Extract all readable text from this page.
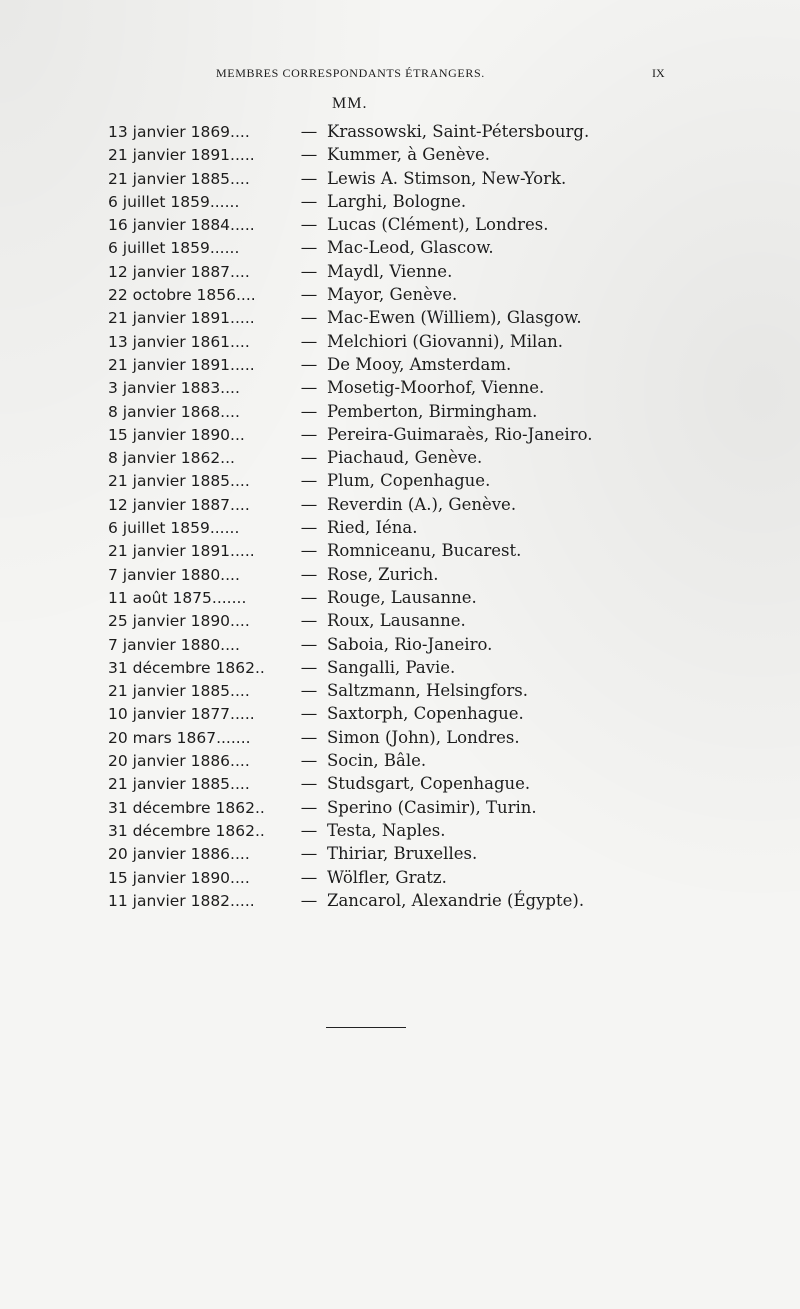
MEMBRES CORRESPONDANTS ÉTRANGERS.	IX
MM.
13 janvier 1869....	— Krassowski, Saint-Pétersbourg.
21 janvier 1891.....	— Kummer, à Genève.
21 janvier 1885....	— Lewis A. Stimson, New-York.
6 juillet 1859......	— Larghi, Bologne.
16 janvier 1884.....	— Lucas (Clément), Londres.
6 juillet 1859......	— Mac-Leod, Glascow.
12 janvier 1887....	— Maydl, Vienne.
22 octobre 1856....	— Mayor, Genève.
21 janvier 1891.....	— Mac-Ewen (Williem), Glasgow.
13 janvier 1861....	— Melchiori (Giovanni), Milan.
21 janvier 1891.....	— De Mooy, Amsterdam.
3 janvier 1883....	— Mosetig-Moorhof, Vienne.
8 janvier 1868....	— Pemberton, Birmingham.
15 janvier 1890...	— Pereira-Guimaraès, Rio-Janeiro.
8 janvier 1862...	— Piachaud, Genève.
21 janvier 1885....	— Plum, Copenhague.
12 janvier 1887....	— Reverdin (A.), Genève.
6 juillet 1859......	— Ried, Iéna.
21 janvier 1891.....	— Romniceanu, Bucarest.
7 janvier 1880....	— Rose, Zurich.
11 août 1875.......	— Rouge, Lausanne.
25 janvier 1890....	— Roux, Lausanne.
7 janvier 1880....	— Saboia, Rio-Janeiro.
31 décembre 1862..	— Sangalli, Pavie.
21 janvier 1885....	— Saltzmann, Helsingfors.
10 janvier 1877.....	— Saxtorph, Copenhague.
20 mars 1867.......	— Simon (John), Londres.
20 janvier 1886....	— Socin, Bâle.
21 janvier 1885....	— Studsgart, Copenhague.
31 décembre 1862..	— Sperino (Casimir), Turin.
31 décembre 1862..	— Testa, Naples.
20 janvier 1886....	— Thiriar, Bruxelles.
15 janvier 1890....	— Wölfler, Gratz.
11 janvier 1882.....	— Zancarol, Alexandrie (Égypte).
